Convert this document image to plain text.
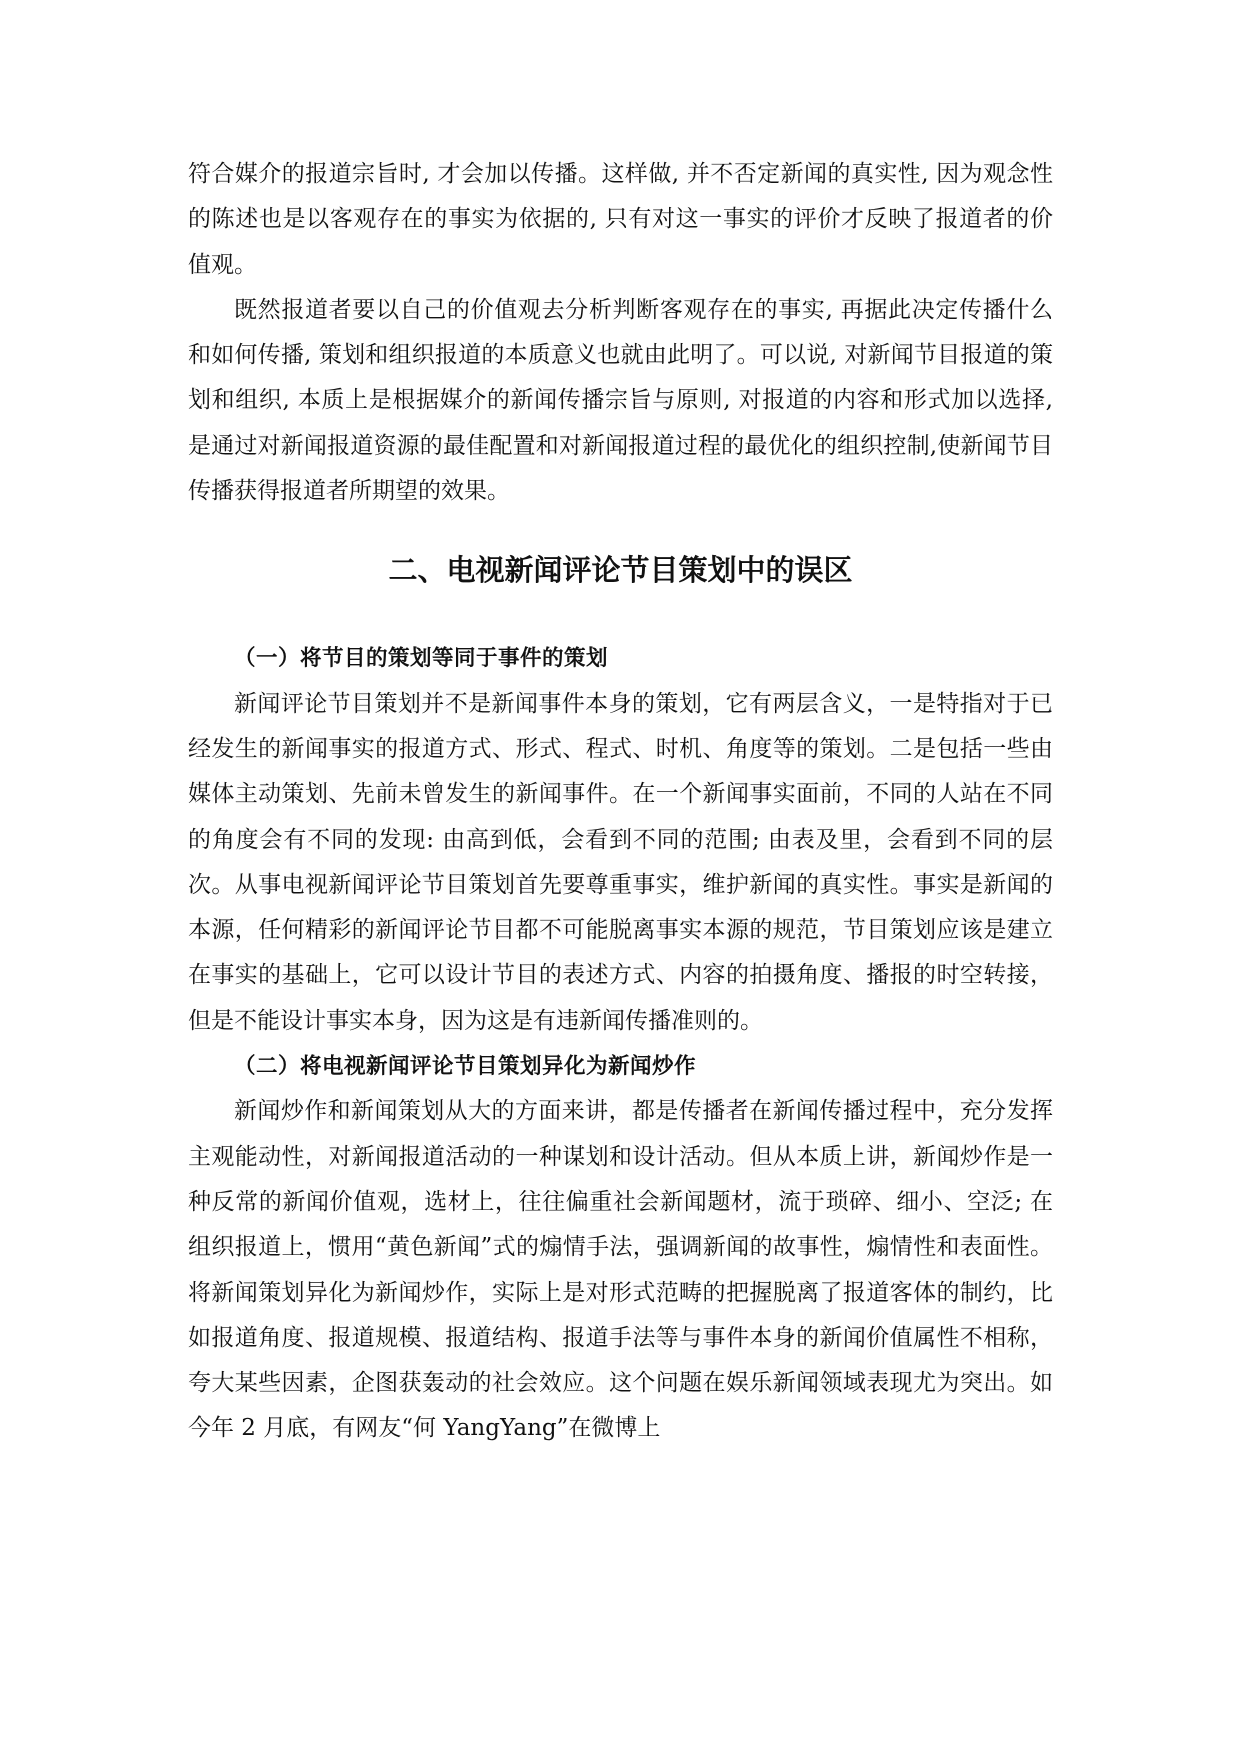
符合媒介的报道宗旨时, 才会加以传播。这样做, 并不否定新闻的真实性, 因为观念性的陈述也是以客观存在的事实为依据的, 只有对这一事实的评价才反映了报道者的价值观。

既然报道者要以自己的价值观去分析判断客观存在的事实, 再据此决定传播什么和如何传播, 策划和组织报道的本质意义也就由此明了。可以说, 对新闻节目报道的策划和组织, 本质上是根据媒介的新闻传播宗旨与原则, 对报道的内容和形式加以选择, 是通过对新闻报道资源的最佳配置和对新闻报道过程的最优化的组织控制,使新闻节目传播获得报道者所期望的效果。

二、电视新闻评论节目策划中的误区
（一）将节目的策划等同于事件的策划

新闻评论节目策划并不是新闻事件本身的策划，它有两层含义，一是特指对于已经发生的新闻事实的报道方式、形式、程式、时机、角度等的策划。二是包括一些由媒体主动策划、先前未曾发生的新闻事件。在一个新闻事实面前，不同的人站在不同的角度会有不同的发现: 由高到低，会看到不同的范围; 由表及里，会看到不同的层次。从事电视新闻评论节目策划首先要尊重事实，维护新闻的真实性。事实是新闻的本源，任何精彩的新闻评论节目都不可能脱离事实本源的规范，节目策划应该是建立在事实的基础上，它可以设计节目的表述方式、内容的拍摄角度、播报的时空转接，但是不能设计事实本身，因为这是有违新闻传播准则的。

（二）将电视新闻评论节目策划异化为新闻炒作

新闻炒作和新闻策划从大的方面来讲，都是传播者在新闻传播过程中，充分发挥主观能动性，对新闻报道活动的一种谋划和设计活动。但从本质上讲，新闻炒作是一种反常的新闻价值观，选材上，往往偏重社会新闻题材，流于琐碎、细小、空泛; 在组织报道上，惯用“黄色新闻”式的煽情手法，强调新闻的故事性，煽情性和表面性。将新闻策划异化为新闻炒作，实际上是对形式范畴的把握脱离了报道客体的制约，比如报道角度、报道规模、报道结构、报道手法等与事件本身的新闻价值属性不相称，夸大某些因素，企图获轰动的社会效应。这个问题在娱乐新闻领域表现尤为突出。如今年 2 月底，有网友“何 YangYang”在微博上
